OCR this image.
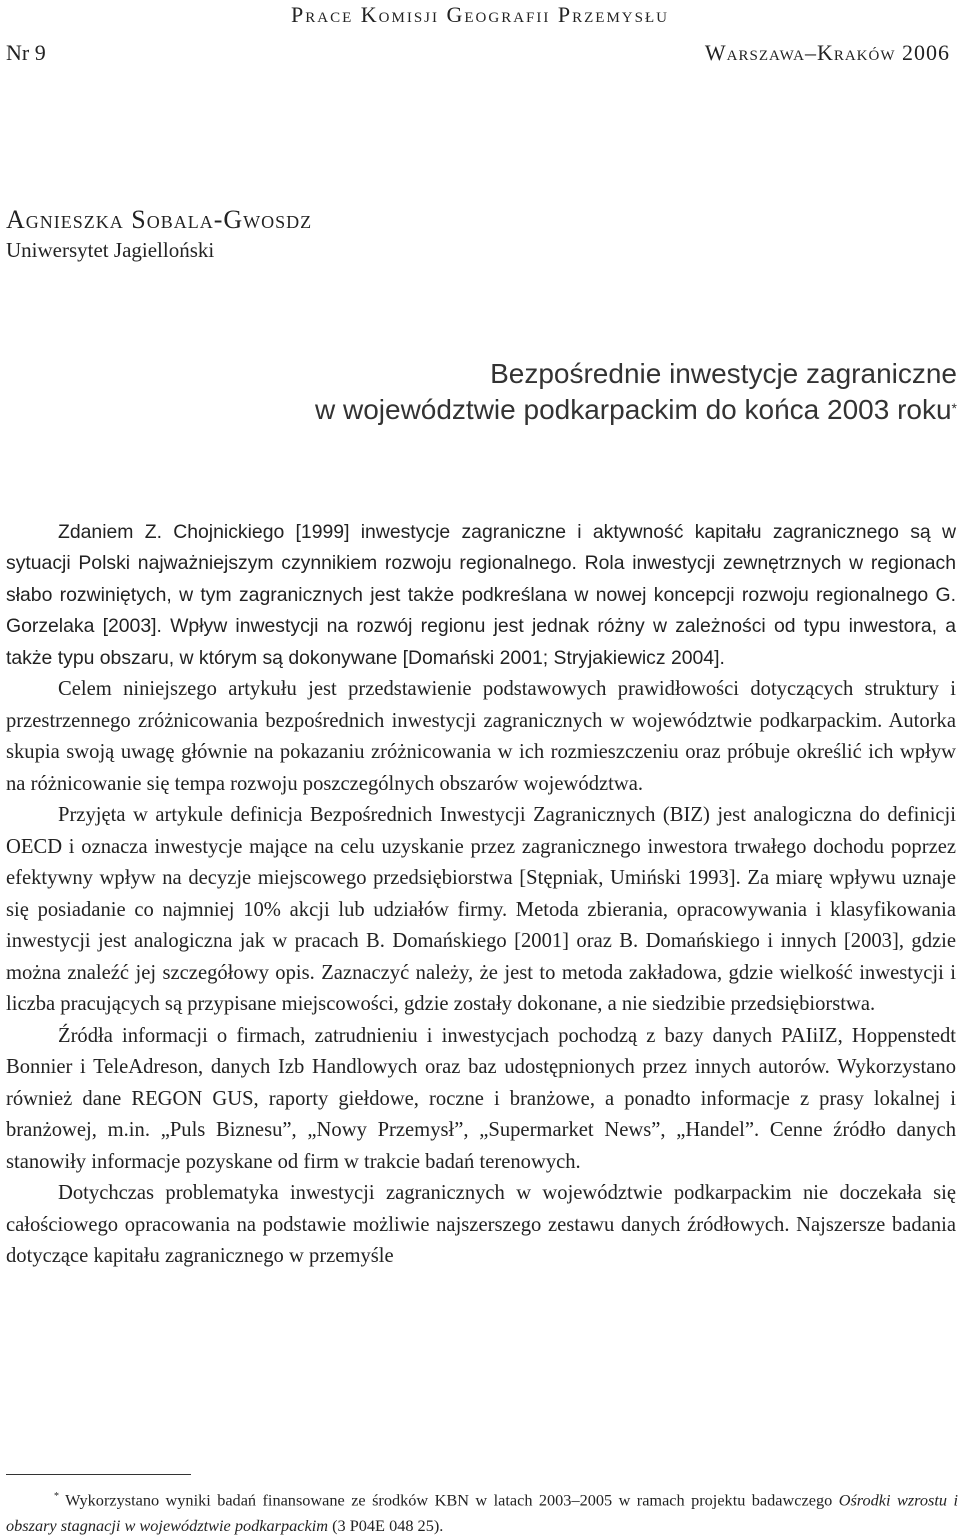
Prace Komisji Geografii Przemysłu
Nr 9	Warszawa–Kraków 2006
Agnieszka Sobala-Gwosdz
Uniwersytet Jagielloński
Bezpośrednie inwestycje zagraniczne
w województwie podkarpackim do końca 2003 roku*

Zdaniem Z. Chojnickiego [1999] inwestycje zagraniczne i aktywność kapitału zagranicznego są w sytuacji Polski najważniejszym czynnikiem rozwoju regionalnego. Rola inwestycji zewnętrznych w regionach słabo rozwiniętych, w tym zagranicznych jest także podkreślana w nowej koncepcji rozwoju regionalnego G. Gorzelaka [2003]. Wpływ inwestycji na rozwój regionu jest jednak różny w zależności od typu inwestora, a także typu obszaru, w którym są dokonywane [Domański 2001; Stryjakiewicz 2004].

Celem niniejszego artykułu jest przedstawienie podstawowych prawidłowości dotyczących struktury i przestrzennego zróżnicowania bezpośrednich inwestycji zagranicznych w województwie podkarpackim. Autorka skupia swoją uwagę głównie na pokazaniu zróżnicowania w ich rozmieszczeniu oraz próbuje określić ich wpływ na różnicowanie się tempa rozwoju poszczególnych obszarów województwa.

Przyjęta w artykule definicja Bezpośrednich Inwestycji Zagranicznych (BIZ) jest analogiczna do definicji OECD i oznacza inwestycje mające na celu uzyskanie przez zagranicznego inwestora trwałego dochodu poprzez efektywny wpływ na decyzje miejscowego przedsiębiorstwa [Stępniak, Umiński 1993]. Za miarę wpływu uznaje się posiadanie co najmniej 10% akcji lub udziałów firmy. Metoda zbierania, opracowywania i klasyfikowania inwestycji jest analogiczna jak w pracach B. Domańskiego [2001] oraz B. Domańskiego i innych [2003], gdzie można znaleźć jej szczegółowy opis. Zaznaczyć należy, że jest to metoda zakładowa, gdzie wielkość inwestycji i liczba pracujących są przypisane miejscowości, gdzie zostały dokonane, a nie siedzibie przedsiębiorstwa.

Źródła informacji o firmach, zatrudnieniu i inwestycjach pochodzą z bazy danych PAIiIZ, Hoppenstedt Bonnier i TeleAdreson, danych Izb Handlowych oraz baz udostępnionych przez innych autorów. Wykorzystano również dane REGON GUS, raporty giełdowe, roczne i branżowe, a ponadto informacje z prasy lokalnej i branżowej, m.in. „Puls Biznesu”, „Nowy Przemysł”, „Supermarket News”, „Handel”. Cenne źródło danych stanowiły informacje pozyskane od firm w trakcie badań terenowych.

Dotychczas problematyka inwestycji zagranicznych w województwie podkarpackim nie doczekała się całościowego opracowania na podstawie możliwie najszerszego zestawu danych źródłowych. Najszersze badania dotyczące kapitału zagranicznego w przemyśle

* Wykorzystano wyniki badań finansowane ze środków KBN w latach 2003–2005 w ramach projektu badawczego Ośrodki wzrostu i obszary stagnacji w województwie podkarpackim (3 P04E 048 25).
